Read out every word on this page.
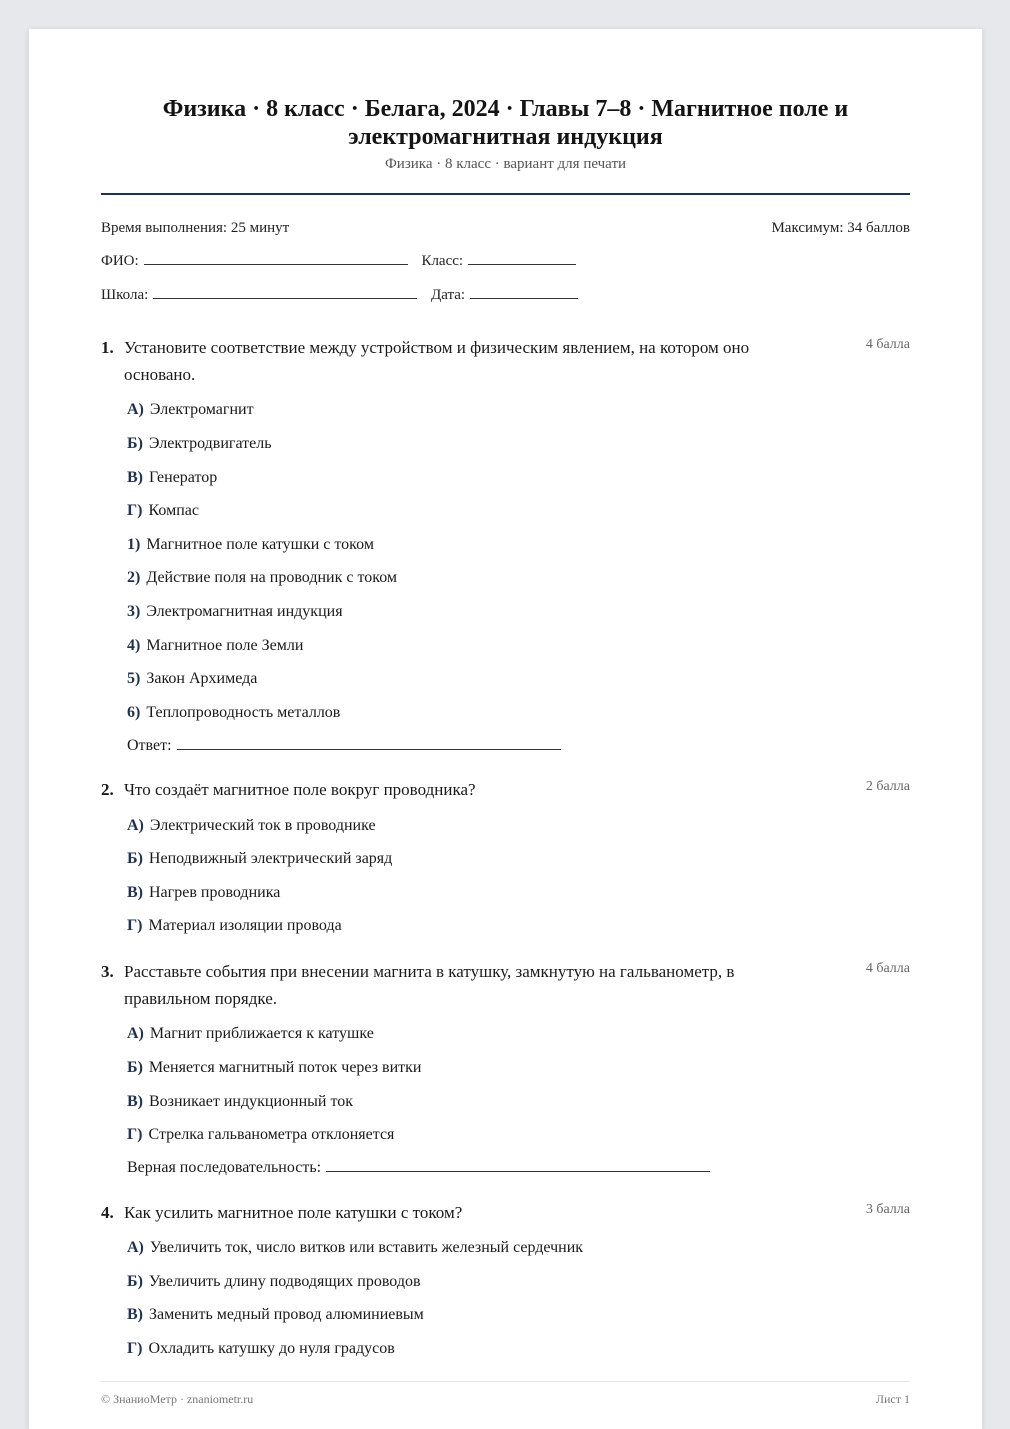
Физика · 8 класс · Белага, 2024 · Главы 7–8 · Магнитное поле и электромагнитная индукция
Физика · 8 класс · вариант для печати
Время выполнения: 25 минут	Максимум: 34 баллов
ФИО:	Класс:
Школа:	Дата:
1. Установите соответствие между устройством и физическим явлением, на котором оно основано.
4 балла
А) Электромагнит
Б) Электродвигатель
В) Генератор
Г) Компас
1) Магнитное поле катушки с током
2) Действие поля на проводник с током
3) Электромагнитная индукция
4) Магнитное поле Земли
5) Закон Архимеда
6) Теплопроводность металлов
Ответ:
2. Что создаёт магнитное поле вокруг проводника?	2 балла
А) Электрический ток в проводнике
Б) Неподвижный электрический заряд
В) Нагрев проводника
Г) Материал изоляции провода
3. Расставьте события при внесении магнита в катушку, замкнутую на гальванометр, в правильном порядке.
4 балла
А) Магнит приближается к катушке
Б) Меняется магнитный поток через витки
В) Возникает индукционный ток
Г) Стрелка гальванометра отклоняется
Верная последовательность:
4. Как усилить магнитное поле катушки с током?	3 балла
А) Увеличить ток, число витков или вставить железный сердечник
Б) Увеличить длину подводящих проводов
В) Заменить медный провод алюминиевым
Г) Охладить катушку до нуля градусов
© ЗнаниоМетр · znaniometr.ru	Лист 1
